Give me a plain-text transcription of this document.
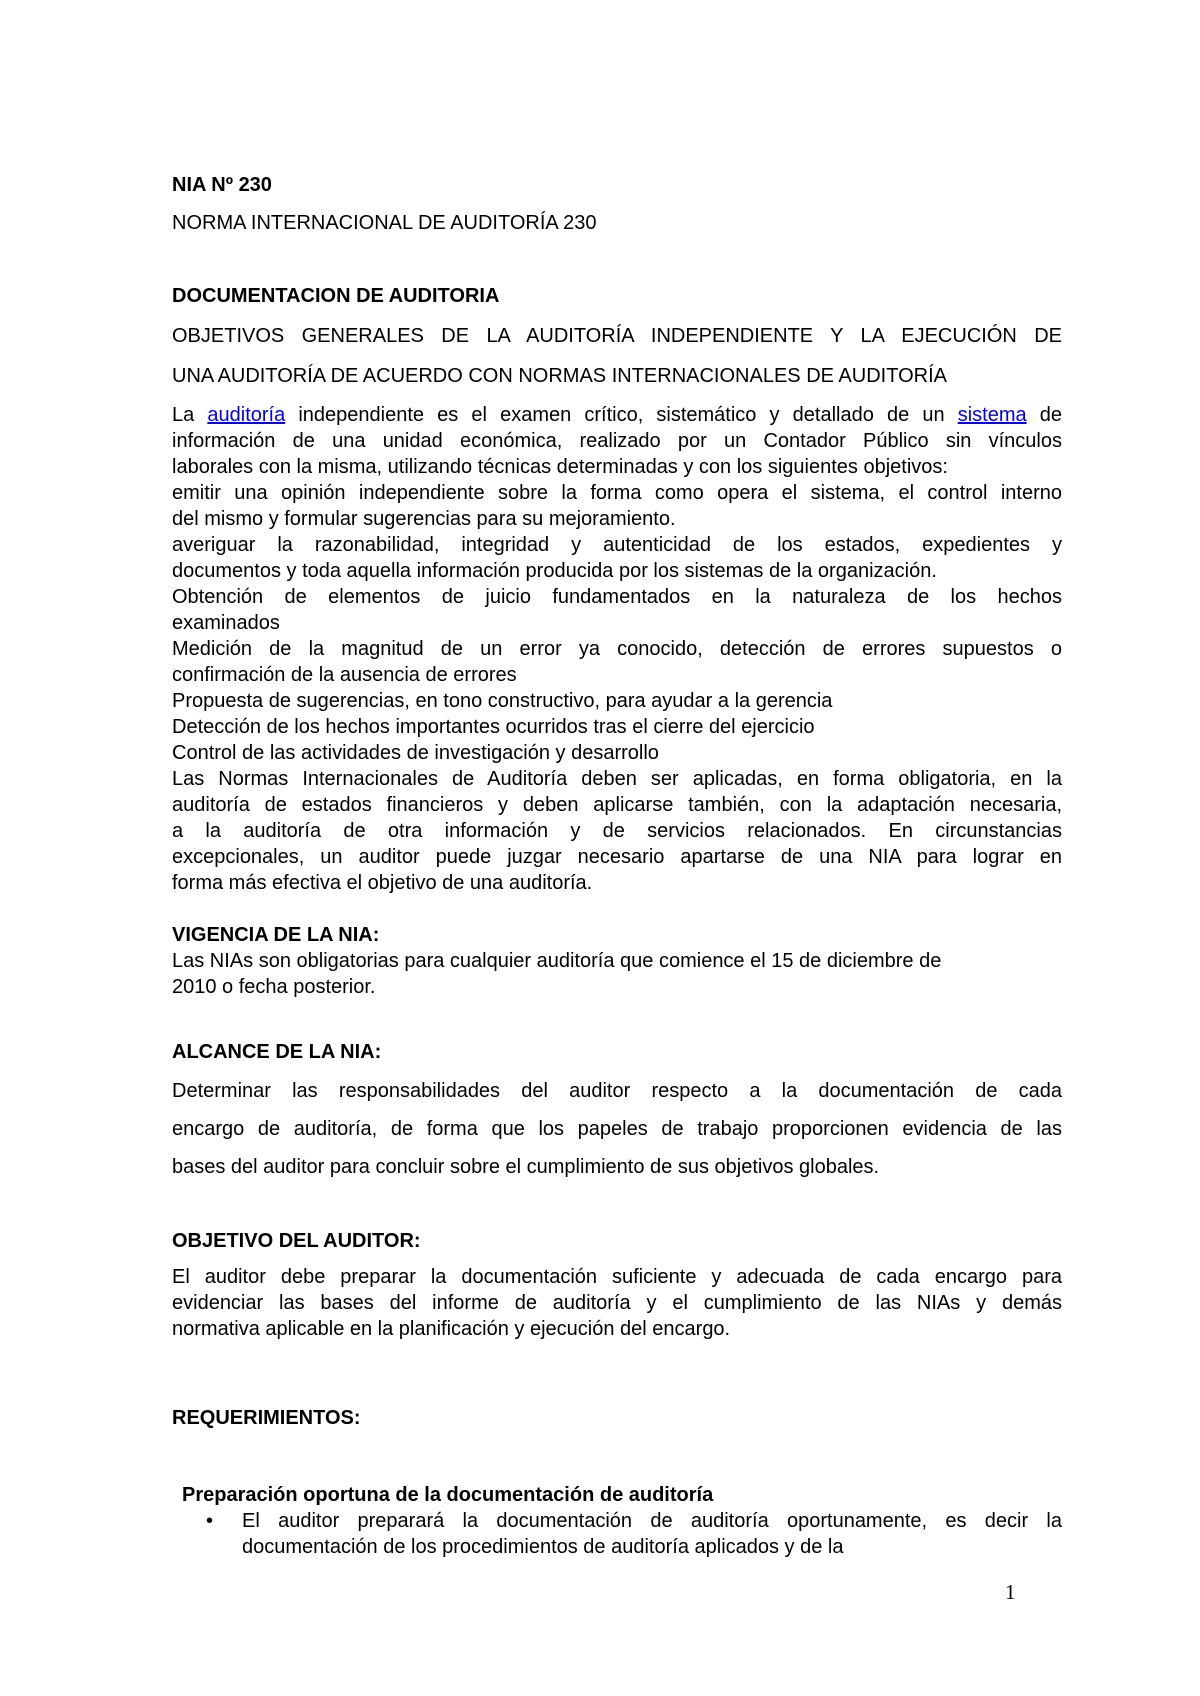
NIA Nº 230
NORMA INTERNACIONAL DE AUDITORÍA 230
DOCUMENTACION DE AUDITORIA
OBJETIVOS GENERALES DE LA AUDITORÍA INDEPENDIENTE Y LA EJECUCIÓN DE
UNA AUDITORÍA DE ACUERDO CON NORMAS INTERNACIONALES DE AUDITORÍA
La auditoría independiente es el examen crítico, sistemático y detallado de un sistema de
información de una unidad económica, realizado por un Contador Público sin vínculos
laborales con la misma, utilizando técnicas determinadas y con los siguientes objetivos:
emitir una opinión independiente sobre la forma como opera el sistema, el control interno
del mismo y formular sugerencias para su mejoramiento.
averiguar la razonabilidad, integridad y autenticidad de los estados, expedientes y
documentos y toda aquella información producida por los sistemas de la organización.
Obtención de elementos de juicio fundamentados en la naturaleza de los hechos
examinados
Medición de la magnitud de un error ya conocido, detección de errores supuestos o
confirmación de la ausencia de errores
Propuesta de sugerencias, en tono constructivo, para ayudar a la gerencia
Detección de los hechos importantes ocurridos tras el cierre del ejercicio
Control de las actividades de investigación y desarrollo
Las Normas Internacionales de Auditoría deben ser aplicadas, en forma obligatoria, en la
auditoría de estados financieros y deben aplicarse también, con la adaptación necesaria,
a la auditoría de otra información y de servicios relacionados. En circunstancias
excepcionales, un auditor puede juzgar necesario apartarse de una NIA para lograr en
forma más efectiva el objetivo de una auditoría.
VIGENCIA DE LA NIA:
Las NIAs son obligatorias para cualquier auditoría que comience el 15 de diciembre de
2010 o fecha posterior.
ALCANCE DE LA NIA:
Determinar las responsabilidades del auditor respecto a la documentación de cada
encargo de auditoría, de forma que los papeles de trabajo proporcionen evidencia de las
bases del auditor para concluir sobre el cumplimiento de sus objetivos globales.
OBJETIVO DEL AUDITOR:
El auditor debe preparar la documentación suficiente y adecuada de cada encargo para
evidenciar las bases del informe de auditoría y el cumplimiento de las NIAs y demás
normativa aplicable en la planificación y ejecución del encargo.
REQUERIMIENTOS:
Preparación oportuna de la documentación de auditoría
• El auditor preparará la documentación de auditoría oportunamente, es decir la
documentación de los procedimientos de auditoría aplicados y de la
1
